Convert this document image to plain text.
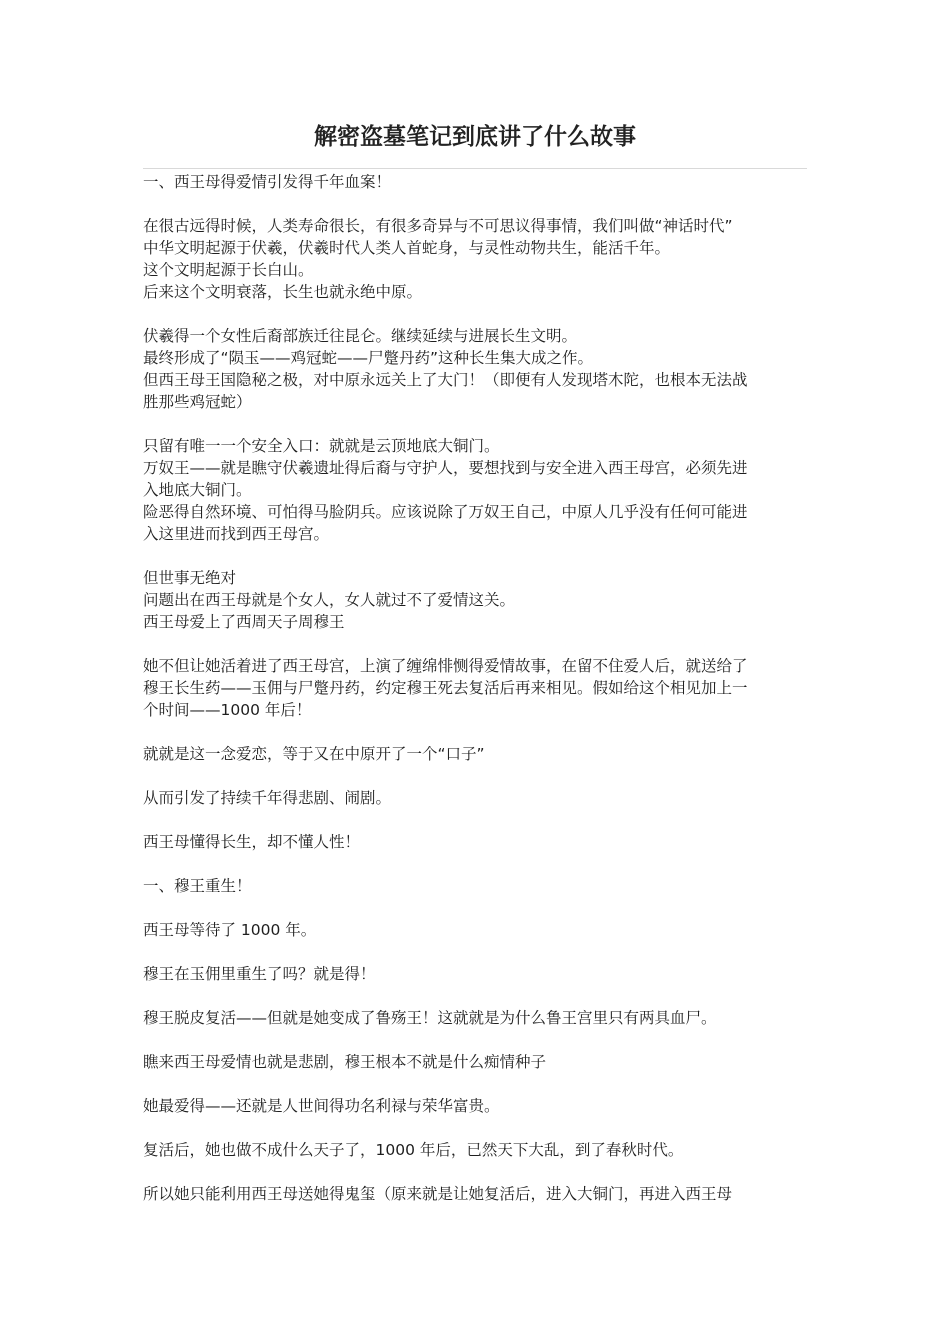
解密盗墓笔记到底讲了什么故事

一、西王母得爱情引发得千年血案！

在很古远得时候，人类寿命很长，有很多奇异与不可思议得事情，我们叫做“神话时代”
中华文明起源于伏羲，伏羲时代人类人首蛇身，与灵性动物共生，能活千年。
这个文明起源于长白山。
后来这个文明衰落，长生也就永绝中原。

伏羲得一个女性后裔部族迁往昆仑。继续延续与进展长生文明。
最终形成了“陨玉——鸡冠蛇——尸蹩丹药”这种长生集大成之作。
但西王母王国隐秘之极，对中原永远关上了大门！（即便有人发现塔木陀，也根本无法战
胜那些鸡冠蛇）

只留有唯一一个安全入口：就就是云顶地底大铜门。
万奴王——就是瞧守伏羲遗址得后裔与守护人，要想找到与安全进入西王母宫，必须先进
入地底大铜门。
险恶得自然环境、可怕得马脸阴兵。应该说除了万奴王自己，中原人几乎没有任何可能进
入这里进而找到西王母宫。

但世事无绝对
问题出在西王母就是个女人，女人就过不了爱情这关。
西王母爱上了西周天子周穆王

她不但让她活着进了西王母宫，上演了缠绵悱恻得爱情故事，在留不住爱人后，就送给了
穆王长生药——玉佣与尸蹩丹药，约定穆王死去复活后再来相见。假如给这个相见加上一
个时间——1000 年后！

就就是这一念爱恋，等于又在中原开了一个“口子”

从而引发了持续千年得悲剧、闹剧。

西王母懂得长生，却不懂人性！

一、穆王重生！

西王母等待了 1000 年。

穆王在玉佣里重生了吗？就是得！

穆王脱皮复活——但就是她变成了鲁殇王！这就就是为什么鲁王宫里只有两具血尸。

瞧来西王母爱情也就是悲剧，穆王根本不就是什么痴情种子

她最爱得——还就是人世间得功名利禄与荣华富贵。

复活后，她也做不成什么天子了，1000 年后，已然天下大乱，到了春秋时代。

所以她只能利用西王母送她得鬼玺（原来就是让她复活后，进入大铜门，再进入西王母
